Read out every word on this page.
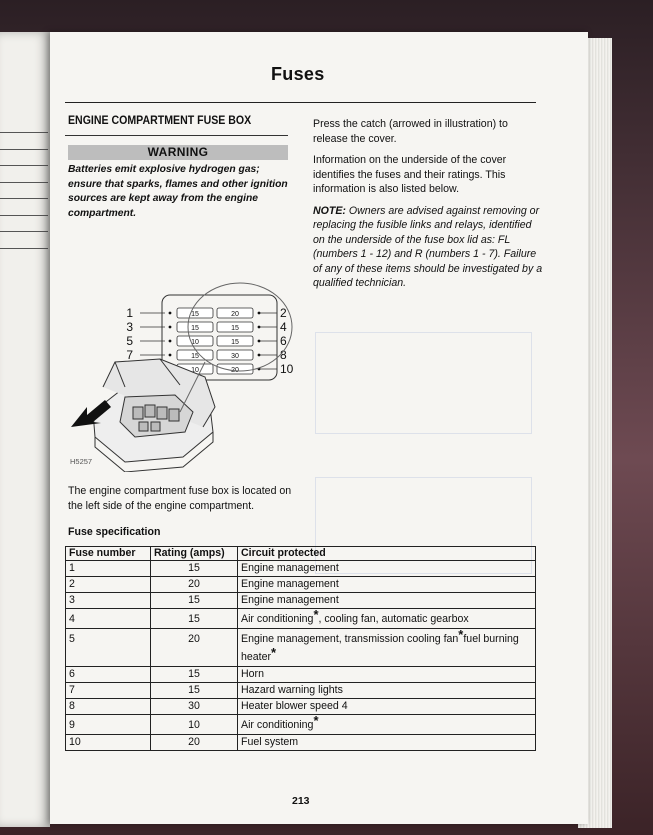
Fuses
ENGINE COMPARTMENT FUSE BOX
WARNING
Batteries emit explosive hydrogen gas; ensure that sparks, flames and other ignition sources are kept away from the engine compartment.

Press the catch (arrowed in illustration) to release the cover.

Information on the underside of the cover identifies the fuses and their ratings. This information is also listed below.

NOTE: Owners are advised against removing or replacing the fusible links and relays, identified on the underside of the fuse box lid as: FL (numbers 1 - 12) and R (numbers 1 - 7). Failure of any of these items should be investigated by a qualified technician.

1	2
15	20
3	4
15	15
5	6
10	15
7	8
15	30
10
10	20
H5257
The engine compartment fuse box is located on the left side of the engine compartment.
Fuse specification
Fuse number	Rating (amps)	Circuit protected
1	15	Engine management
2	20	Engine management
3	15	Engine management
4	15	Air conditioning*, cooling fan, automatic gearbox
5	20	Engine management, transmission cooling fan*fuel burning heater*
6	15	Horn
7	15	Hazard warning lights
8	30	Heater blower speed 4
9	10	Air conditioning*
10	20	Fuel system
213
